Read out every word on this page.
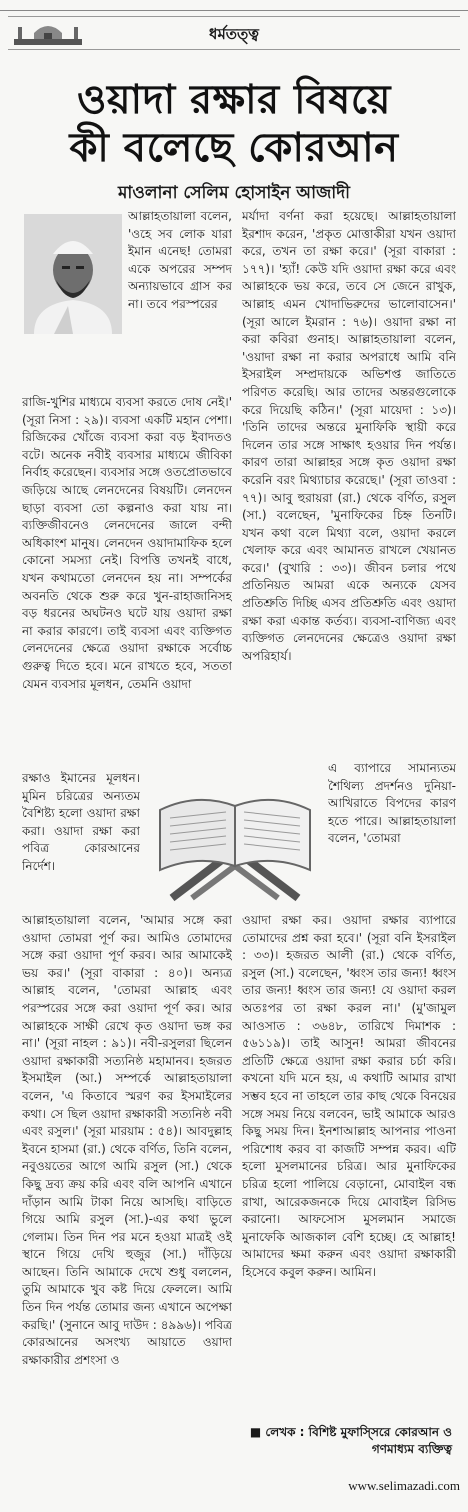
ধর্মতত্ত্ব
ওয়াদা রক্ষার বিষয়ে
কী বলেছে কোরআন
মাওলানা সেলিম হোসাইন আজাদী

আল্লাহতায়ালা বলেন, 'ওহে সব লোক যারা ইমান এনেছ! তোমরা একে অপরের সম্পদ অন্যায়ভাবে গ্রাস কর না। তবে পরস্পরের

রাজি-খুশির মাধ্যমে ব্যবসা করতে দোষ নেই।' (সূরা নিসা : ২৯)। ব্যবসা একটি মহান পেশা। রিজিকের খোঁজে ব্যবসা করা বড় ইবাদতও বটে। অনেক নবীই ব্যবসার মাধ্যমে জীবিকা নির্বাহ করেছেন। ব্যবসার সঙ্গে ওতপ্রোতভাবে জড়িয়ে আছে লেনদেনের বিষয়টি। লেনদেন ছাড়া ব্যবসা তো কল্পনাও করা যায় না। ব্যক্তিজীবনেও লেনদেনের জালে বন্দী অধিকাংশ মানুষ। লেনদেন ওয়াদামাফিক হলে কোনো সমস্যা নেই। বিপত্তি তখনই বাধে, যখন কথামতো লেনদেন হয় না। সম্পর্কের অবনতি থেকে শুরু করে খুন-রাহাজানিসহ বড় ধরনের অঘটনও ঘটে যায় ওয়াদা রক্ষা না করার কারণে। তাই ব্যবসা এবং ব্যক্তিগত লেনদেনের ক্ষেত্রে ওয়াদা রক্ষাকে সর্বোচ্চ গুরুত্ব দিতে হবে। মনে রাখতে হবে, সততা যেমন ব্যবসার মূলধন, তেমনি ওয়াদা

রক্ষাও ইমানের মূলধন। মুমিন চরিত্রের অন্যতম বৈশিষ্ট্য হলো ওয়াদা রক্ষা করা। ওয়াদা রক্ষা করা পবিত্র কোরআনের নির্দেশ।

আল্লাহতায়ালা বলেন, 'আমার সঙ্গে করা ওয়াদা তোমরা পূর্ণ কর। আমিও তোমাদের সঙ্গে করা ওয়াদা পূর্ণ করব। আর আমাকেই ভয় কর।' (সূরা বাকারা : ৪০)। অন্যত্র আল্লাহ বলেন, 'তোমরা আল্লাহ এবং পরস্পরের সঙ্গে করা ওয়াদা পূর্ণ কর। আর আল্লাহকে সাক্ষী রেখে কৃত ওয়াদা ভঙ্গ কর না।' (সূরা নাহল : ৯১)। নবী-রসুলরা ছিলেন ওয়াদা রক্ষাকারী সত্যনিষ্ঠ মহামানব। হজরত ইসমাইল (আ.) সম্পর্কে আল্লাহতায়ালা বলেন, 'এ কিতাবে স্মরণ কর ইসমাইলের কথা। সে ছিল ওয়াদা রক্ষাকারী সত্যনিষ্ঠ নবী এবং রসুল।' (সূরা মারয়াম : ৫৪)। আবদুল্লাহ ইবনে হাসমা (রা.) থেকে বর্ণিত, তিনি বলেন, নবুওয়তের আগে আমি রসুল (সা.) থেকে কিছু দ্রব্য ক্রয় করি এবং বলি আপনি এখানে দাঁড়ান আমি টাকা নিয়ে আসছি। বাড়িতে গিয়ে আমি রসুল (সা.)-এর কথা ভুলে গেলাম। তিন দিন পর মনে হওয়া মাত্রই ওই স্থানে গিয়ে দেখি হুজুর (সা.) দাঁড়িয়ে আছেন। তিনি আমাকে দেখে শুধু বললেন, তুমি আমাকে খুব কষ্ট দিয়ে ফেললে। আমি তিন দিন পর্যন্ত তোমার জন্য এখানে অপেক্ষা করছি।' (সুনানে আবু দাউদ : ৪৯৯৬)। পবিত্র কোরআনের অসংখ্য আয়াতে ওয়াদা রক্ষাকারীর প্রশংসা ও

মর্যাদা বর্ণনা করা হয়েছে। আল্লাহতায়ালা ইরশাদ করেন, 'প্রকৃত মোত্তাকীরা যখন ওয়াদা করে, তখন তা রক্ষা করে।' (সূরা বাকারা : ১৭৭)। 'হ্যাঁ! কেউ যদি ওয়াদা রক্ষা করে এবং আল্লাহকে ভয় করে, তবে সে জেনে রাখুক, আল্লাহ এমন খোদাভিরুদের ভালোবাসেন।' (সূরা আলে ইমরান : ৭৬)। ওয়াদা রক্ষা না করা কবিরা গুনাহ। আল্লাহতায়ালা বলেন, 'ওয়াদা রক্ষা না করার অপরাধে আমি বনি ইসরাইল সম্প্রদায়কে অভিশপ্ত জাতিতে পরিণত করেছি। আর তাদের অন্তরগুলোকে করে দিয়েছি কঠিন।' (সূরা মায়েদা : ১৩)। 'তিনি তাদের অন্তরে মুনাফিকি স্থায়ী করে দিলেন তার সঙ্গে সাক্ষাৎ হওয়ার দিন পর্যন্ত। কারণ তারা আল্লাহর সঙ্গে কৃত ওয়াদা রক্ষা করেনি বরং মিথ্যাচার করেছে।' (সূরা তাওবা : ৭৭)। আবু হুরায়রা (রা.) থেকে বর্ণিত, রসুল (সা.) বলেছেন, 'মুনাফিকের চিহ্ন তিনটি। যখন কথা বলে মিথ্যা বলে, ওয়াদা করলে খেলাফ করে এবং আমানত রাখলে খেয়ানত করে।' (বুখারি : ৩৩)। জীবন চলার পথে প্রতিনিয়ত আমরা একে অন্যকে যেসব প্রতিশ্রুতি দিচ্ছি এসব প্রতিশ্রুতি এবং ওয়াদা রক্ষা করা একান্ত কর্তব্য। ব্যবসা-বাণিজ্য এবং ব্যক্তিগত লেনদেনের ক্ষেত্রেও ওয়াদা রক্ষা অপরিহার্য।

এ ব্যাপারে সামান্যতম শৈথিল্য প্রদর্শনও দুনিয়া-আখিরাতে বিপদের কারণ হতে পারে। আল্লাহতায়ালা বলেন, 'তোমরা

ওয়াদা রক্ষা কর। ওয়াদা রক্ষার ব্যাপারে তোমাদের প্রশ্ন করা হবে।' (সূরা বনি ইসরাইল : ৩৩)। হজরত আলী (রা.) থেকে বর্ণিত, রসুল (সা.) বলেছেন, 'ধ্বংস তার জন্য! ধ্বংস তার জন্য! ধ্বংস তার জন্য! যে ওয়াদা করল অতঃপর তা রক্ষা করল না।' (মু'জামুল আওসাত : ৩৬৪৮, তারিখে দিমাশক : ৫৬১১৯)। তাই আসুন! আমরা জীবনের প্রতিটি ক্ষেত্রে ওয়াদা রক্ষা করার চর্চা করি। কখনো যদি মনে হয়, এ কথাটি আমার রাখা সম্ভব হবে না তাহলে তার কাছ থেকে বিনয়ের সঙ্গে সময় নিয়ে বলবেন, ভাই আমাকে আরও কিছু সময় দিন। ইনশাআল্লাহ আপনার পাওনা পরিশোধ করব বা কাজটি সম্পন্ন করব। এটি হলো মুসলমানের চরিত্র। আর মুনাফিকের চরিত্র হলো পালিয়ে বেড়ানো, মোবাইল বন্ধ রাখা, আরেকজনকে দিয়ে মোবাইল রিসিভ করানো। আফসোস মুসলমান সমাজে মুনাফেকি আজকাল বেশি হচ্ছে। হে আল্লাহ! আমাদের ক্ষমা করুন এবং ওয়াদা রক্ষাকারী হিসেবে কবুল করুন। আমিন।

■ লেখক : বিশিষ্ট মুফাস্সিরে কোরআন ও গণমাধ্যম ব্যক্তিত্ব
www.selimazadi.com
